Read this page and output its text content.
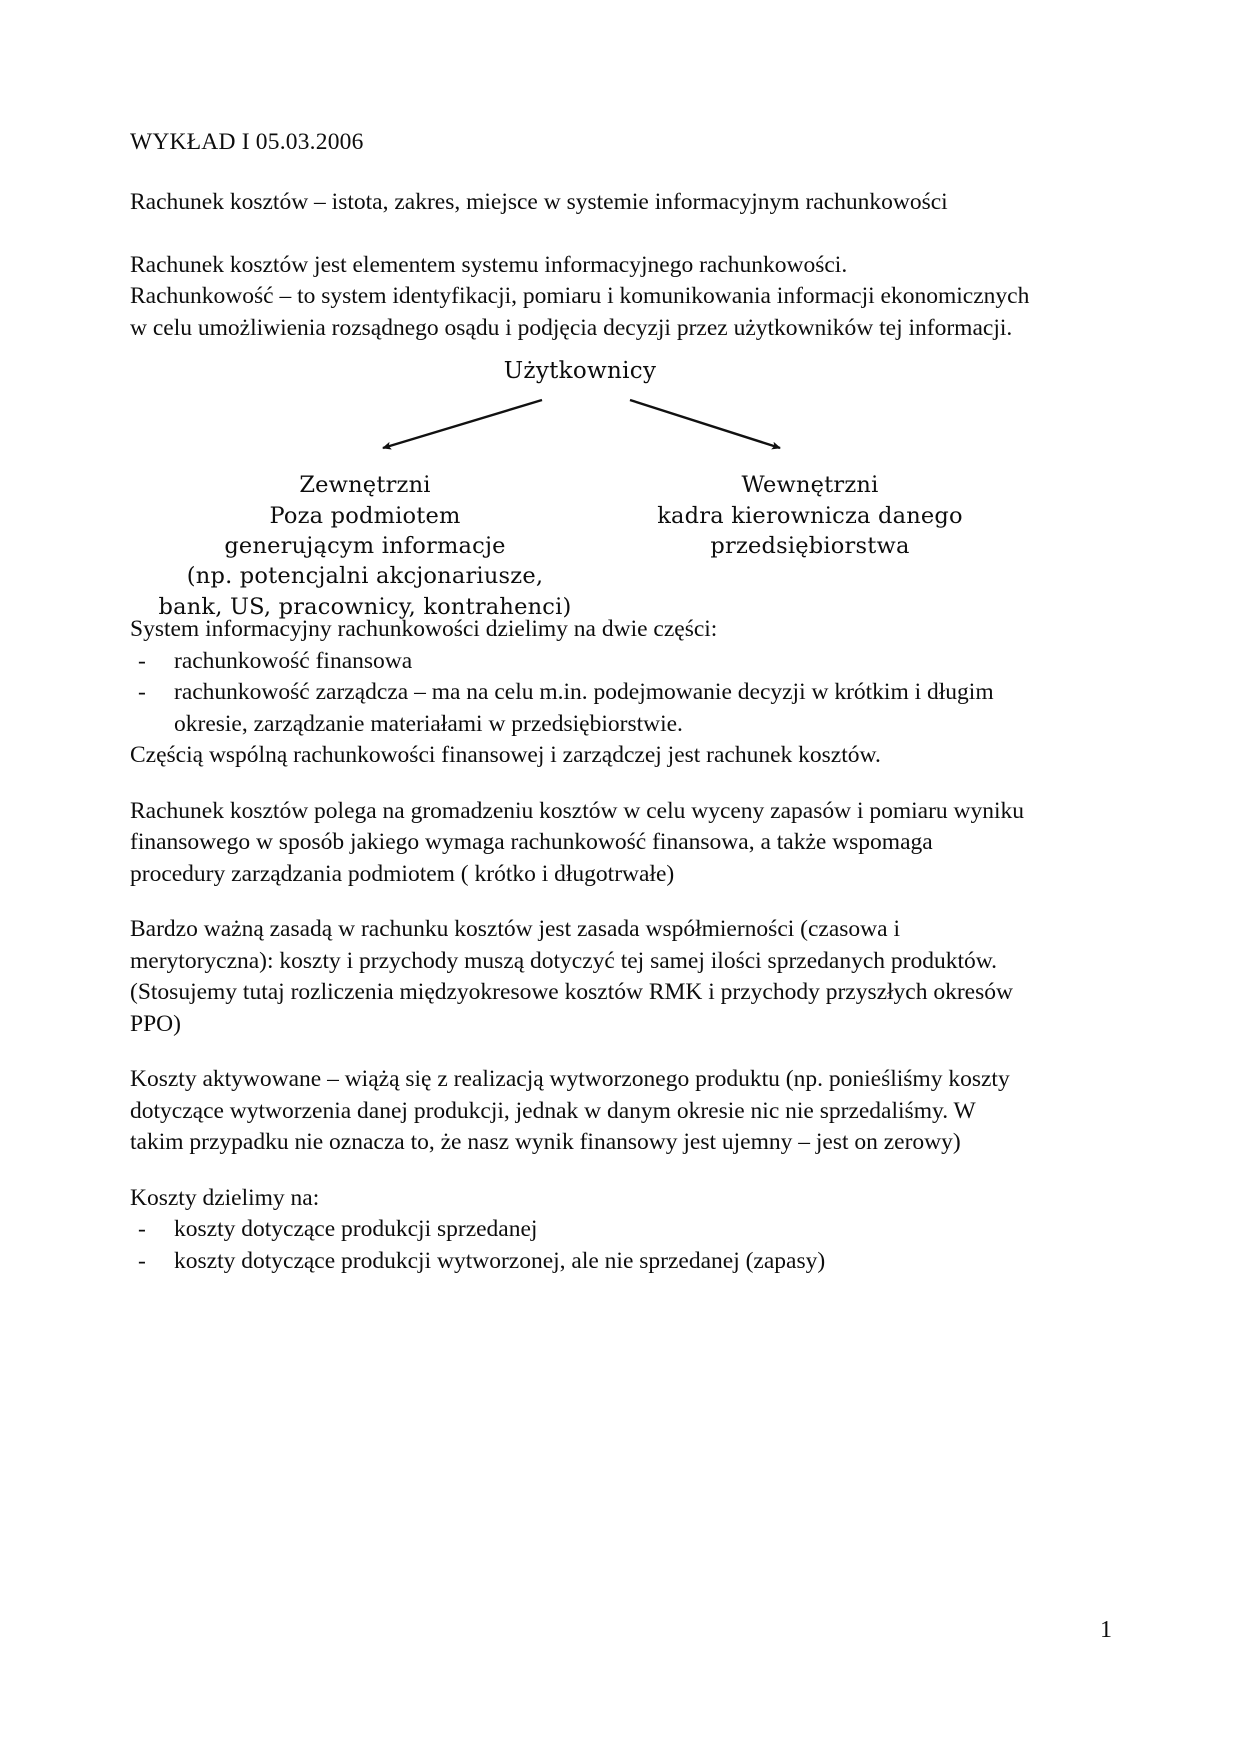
WYKŁAD I 05.03.2006

Rachunek kosztów – istota, zakres, miejsce w systemie informacyjnym rachunkowości

Rachunek kosztów jest elementem systemu informacyjnego rachunkowości.

Rachunkowość – to system identyfikacji, pomiaru i komunikowania informacji ekonomicznych

w celu umożliwienia rozsądnego osądu i podjęcia decyzji przez użytkowników tej informacji.

Użytkownicy
Zewnętrzni
Poza podmiotem
generującym informacje
(np. potencjalni akcjonariusze,
bank, US, pracownicy, kontrahenci)
Wewnętrzni
kadra kierownicza danego
przedsiębiorstwa

System informacyjny rachunkowości dzielimy na dwie części:

- rachunkowość finansowa
- rachunkowość zarządcza – ma na celu m.in. podejmowanie decyzji w krótkim i długim okresie, zarządzanie materiałami w przedsiębiorstwie.

Częścią wspólną rachunkowości finansowej i zarządczej jest rachunek kosztów.

Rachunek kosztów polega na gromadzeniu kosztów w celu wyceny zapasów i pomiaru wyniku finansowego w sposób jakiego wymaga rachunkowość finansowa, a także wspomaga procedury zarządzania podmiotem ( krótko i długotrwałe)

Bardzo ważną zasadą w rachunku kosztów jest zasada współmierności (czasowa i merytoryczna): koszty i przychody muszą dotyczyć tej samej ilości sprzedanych produktów. (Stosujemy tutaj rozliczenia międzyokresowe kosztów RMK i przychody przyszłych okresów PPO)

Koszty aktywowane – wiążą się z realizacją wytworzonego produktu (np. ponieśliśmy koszty dotyczące wytworzenia danej produkcji, jednak w danym okresie nic nie sprzedaliśmy. W takim przypadku nie oznacza to, że nasz wynik finansowy jest ujemny – jest on zerowy)

Koszty dzielimy na:

- koszty dotyczące produkcji sprzedanej
- koszty dotyczące produkcji wytworzonej, ale nie sprzedanej (zapasy)
1
